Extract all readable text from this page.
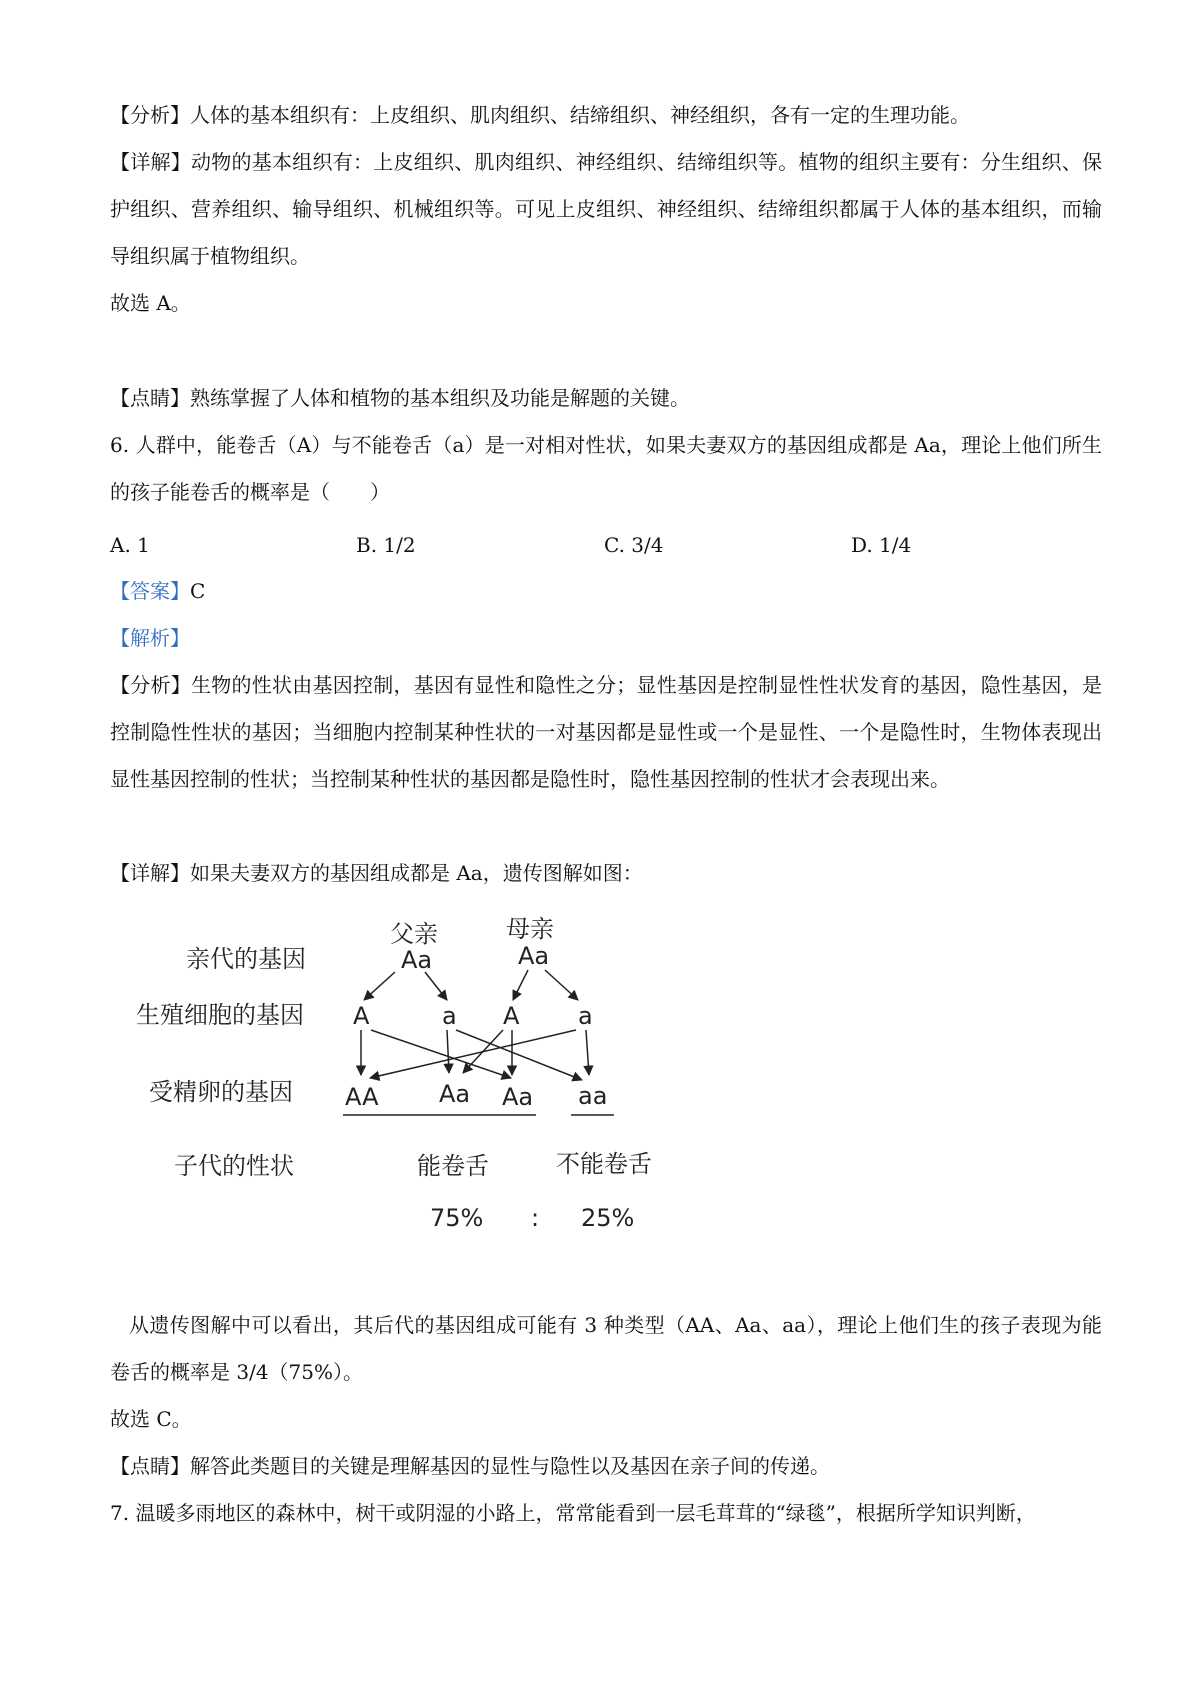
【分析】人体的基本组织有：上皮组织、肌肉组织、结缔组织、神经组织，各有一定的生理功能。

【详解】动物的基本组织有：上皮组织、肌肉组织、神经组织、结缔组织等。植物的组织主要有：分生组织、保护组织、营养组织、输导组织、机械组织等。可见上皮组织、神经组织、结缔组织都属于人体的基本组织，而输导组织属于植物组织。

故选 A。

【点睛】熟练掌握了人体和植物的基本组织及功能是解题的关键。

6. 人群中，能卷舌（A）与不能卷舌（a）是一对相对性状，如果夫妻双方的基因组成都是 Aa，理论上他们所生的孩子能卷舌的概率是（　　）

A. 1	B. 1/2	C. 3/4	D. 1/4
【答案】C
【解析】

【分析】生物的性状由基因控制，基因有显性和隐性之分；显性基因是控制显性性状发育的基因，隐性基因，是控制隐性性状的基因；当细胞内控制某种性状的一对基因都是显性或一个是显性、一个是隐性时，生物体表现出显性基因控制的性状；当控制某种性状的基因都是隐性时，隐性基因控制的性状才会表现出来。

【详解】如果夫妻双方的基因组成都是 Aa，遗传图解如图：

亲代的基因
生殖细胞的基因
受精卵的基因
子代的性状
父亲
Aa
母亲
Aa
A	a A a
AA	Aa Aa aa
能卷舌	不能卷舌
75% : 25%

从遗传图解中可以看出，其后代的基因组成可能有 3 种类型（AA、Aa、aa），理论上他们生的孩子表现为能卷舌的概率是 3/4（75%）。

故选 C。

【点睛】解答此类题目的关键是理解基因的显性与隐性以及基因在亲子间的传递。

7. 温暖多雨地区的森林中，树干或阴湿的小路上，常常能看到一层毛茸茸的“绿毯”，根据所学知识判断，
